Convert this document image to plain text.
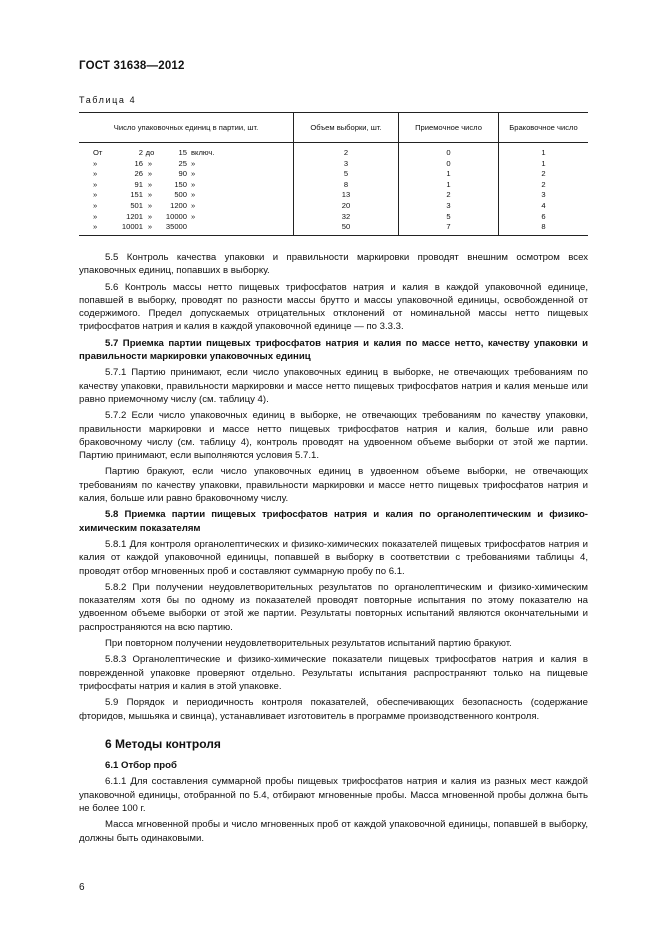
ГОСТ 31638—2012
Таблица 4
Число упаковочных единиц в партии, шт.	Объем выборки, шт.	Приемочное число	Браковочное число
От 2 до 15 включ.	2	0	1
» 16 » 25 »	3	0	1
» 26 » 90 »	5	1	2
» 91 » 150 »	8	1	2
» 151 » 500 »	13	2	3
» 501 » 1200 »	20	3	4
» 1201 » 10000 »	32	5	6
» 10001 » 35000	50	7	8

5.5 Контроль качества упаковки и правильности маркировки проводят внешним осмотром всех упаковочных единиц, попавших в выборку.

5.6 Контроль массы нетто пищевых трифосфатов натрия и калия в каждой упаковочной единице, попавшей в выборку, проводят по разности массы брутто и массы упаковочной единицы, освобожденной от содержимого. Предел допускаемых отрицательных отклонений от номинальной массы нетто пищевых трифосфатов натрия и калия в каждой упаковочной единице — по 3.3.3.

5.7 Приемка партии пищевых трифосфатов натрия и калия по массе нетто, качеству упаковки и правильности маркировки упаковочных единиц

5.7.1 Партию принимают, если число упаковочных единиц в выборке, не отвечающих требованиям по качеству упаковки, правильности маркировки и массе нетто пищевых трифосфатов натрия и калия меньше или равно приемочному числу (см. таблицу 4).

5.7.2 Если число упаковочных единиц в выборке, не отвечающих требованиям по качеству упаковки, правильности маркировки и массе нетто пищевых трифосфатов натрия и калия, больше или равно браковочному числу (см. таблицу 4), контроль проводят на удвоенном объеме выборки от этой же партии. Партию принимают, если выполняются условия 5.7.1.

Партию бракуют, если число упаковочных единиц в удвоенном объеме выборки, не отвечающих требованиям по качеству упаковки, правильности маркировки и массе нетто пищевых трифосфатов натрия и калия, больше или равно браковочному числу.

5.8 Приемка партии пищевых трифосфатов натрия и калия по органолептическим и физико-химическим показателям

5.8.1 Для контроля органолептических и физико-химических показателей пищевых трифосфатов натрия и калия от каждой упаковочной единицы, попавшей в выборку в соответствии с требованиями таблицы 4, проводят отбор мгновенных проб и составляют суммарную пробу по 6.1.

5.8.2 При получении неудовлетворительных результатов по органолептическим и физико-химическим показателям хотя бы по одному из показателей проводят повторные испытания по этому показателю на удвоенном объеме выборки от этой же партии. Результаты повторных испытаний являются окончательными и распространяются на всю партию.

При повторном получении неудовлетворительных результатов испытаний партию бракуют.

5.8.3 Органолептические и физико-химические показатели пищевых трифосфатов натрия и калия в поврежденной упаковке проверяют отдельно. Результаты испытания распространяют только на пищевые трифосфаты натрия и калия в этой упаковке.

5.9 Порядок и периодичность контроля показателей, обеспечивающих безопасность (содержание фторидов, мышьяка и свинца), устанавливает изготовитель в программе производственного контроля.

6 Методы контроля

6.1 Отбор проб

6.1.1 Для составления суммарной пробы пищевых трифосфатов натрия и калия из разных мест каждой упаковочной единицы, отобранной по 5.4, отбирают мгновенные пробы. Масса мгновенной пробы должна быть не более 100 г.

Масса мгновенной пробы и число мгновенных проб от каждой упаковочной единицы, попавшей в выборку, должны быть одинаковыми.

6
